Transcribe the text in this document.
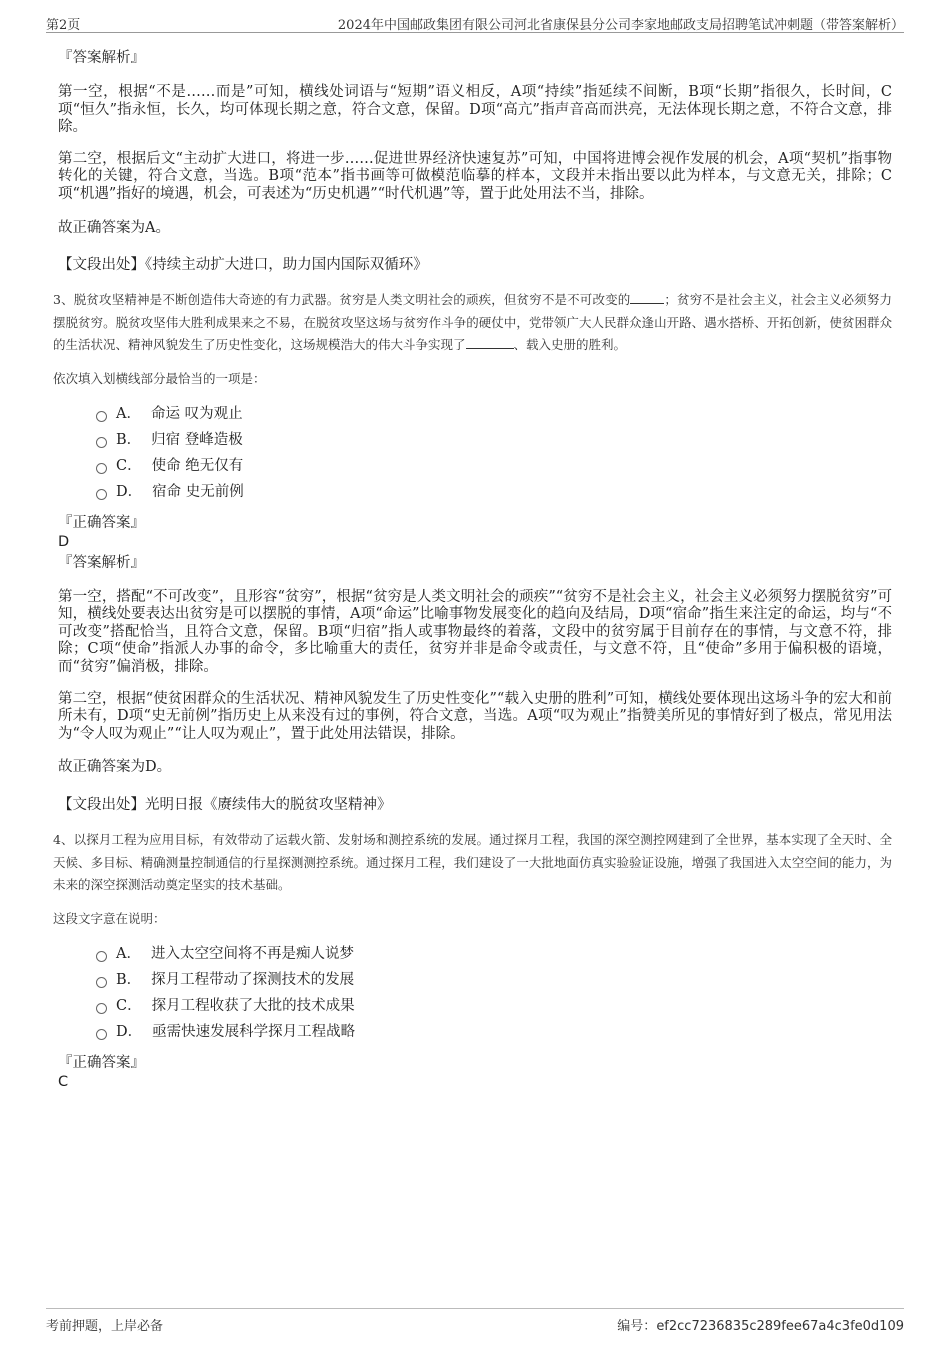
第2页	2024年中国邮政集团有限公司河北省康保县分公司李家地邮政支局招聘笔试冲刺题（带答案解析）
『答案解析』

第一空，根据“不是……而是”可知，横线处词语与“短期”语义相反，A项“持续”指延续不间断，B项“长期”指很久，长时间，C项“恒久”指永恒，长久，均可体现长期之意，符合文意，保留。D项“高亢”指声音高而洪亮，无法体现长期之意，不符合文意，排除。

第二空，根据后文“主动扩大进口，将进一步……促进世界经济快速复苏”可知，中国将进博会视作发展的机会，A项“契机”指事物转化的关键，符合文意，当选。B项“范本”指书画等可做模范临摹的样本，文段并未指出要以此为样本，与文意无关，排除；C项“机遇”指好的境遇，机会，可表述为“历史机遇”“时代机遇”等，置于此处用法不当，排除。

故正确答案为A。

【文段出处】《持续主动扩大进口，助力国内国际双循环》

3、脱贫攻坚精神是不断创造伟大奇迹的有力武器。贫穷是人类文明社会的顽疾，但贫穷不是不可改变的	；贫穷不是社会主义，社会主义必须努力摆脱贫穷。脱贫攻坚伟大胜利成果来之不易，在脱贫攻坚这场与贫穷作斗争的硬仗中，党带领广大人民群众逢山开路、遇水搭桥、开拓创新，使贫困群众的生活状况、精神风貌发生了历史性变化，这场规模浩大的伟大斗争实现了	、载入史册的胜利。

依次填入划横线部分最恰当的一项是：
A． 命运 叹为观止
B． 归宿 登峰造极
C． 使命 绝无仅有
D． 宿命 史无前例
『正确答案』
D
『答案解析』

第一空，搭配“不可改变”，且形容“贫穷”，根据“贫穷是人类文明社会的顽疾”“贫穷不是社会主义，社会主义必须努力摆脱贫穷”可知，横线处要表达出贫穷是可以摆脱的事情，A项“命运”比喻事物发展变化的趋向及结局，D项“宿命”指生来注定的命运，均与“不可改变”搭配恰当，且符合文意，保留。B项“归宿”指人或事物最终的着落，文段中的贫穷属于目前存在的事情，与文意不符，排除；C项“使命”指派人办事的命令，多比喻重大的责任，贫穷并非是命令或责任，与文意不符，且“使命”多用于偏积极的语境，而“贫穷”偏消极，排除。

第二空，根据“使贫困群众的生活状况、精神风貌发生了历史性变化”“载入史册的胜利”可知，横线处要体现出这场斗争的宏大和前所未有，D项“史无前例”指历史上从来没有过的事例，符合文意，当选。A项“叹为观止”指赞美所见的事情好到了极点，常见用法为“令人叹为观止”“让人叹为观止”，置于此处用法错误，排除。

故正确答案为D。

【文段出处】光明日报《赓续伟大的脱贫攻坚精神》

4、以探月工程为应用目标，有效带动了运载火箭、发射场和测控系统的发展。通过探月工程，我国的深空测控网建到了全世界，基本实现了全天时、全天候、多目标、精确测量控制通信的行星探测测控系统。通过探月工程，我们建设了一大批地面仿真实验验证设施，增强了我国进入太空空间的能力，为未来的深空探测活动奠定坚实的技术基础。

这段文字意在说明：
A． 进入太空空间将不再是痴人说梦
B． 探月工程带动了探测技术的发展
C． 探月工程收获了大批的技术成果
D． 亟需快速发展科学探月工程战略
『正确答案』
C
考前押题，上岸必备	编号：ef2cc7236835c289fee67a4c3fe0d109
